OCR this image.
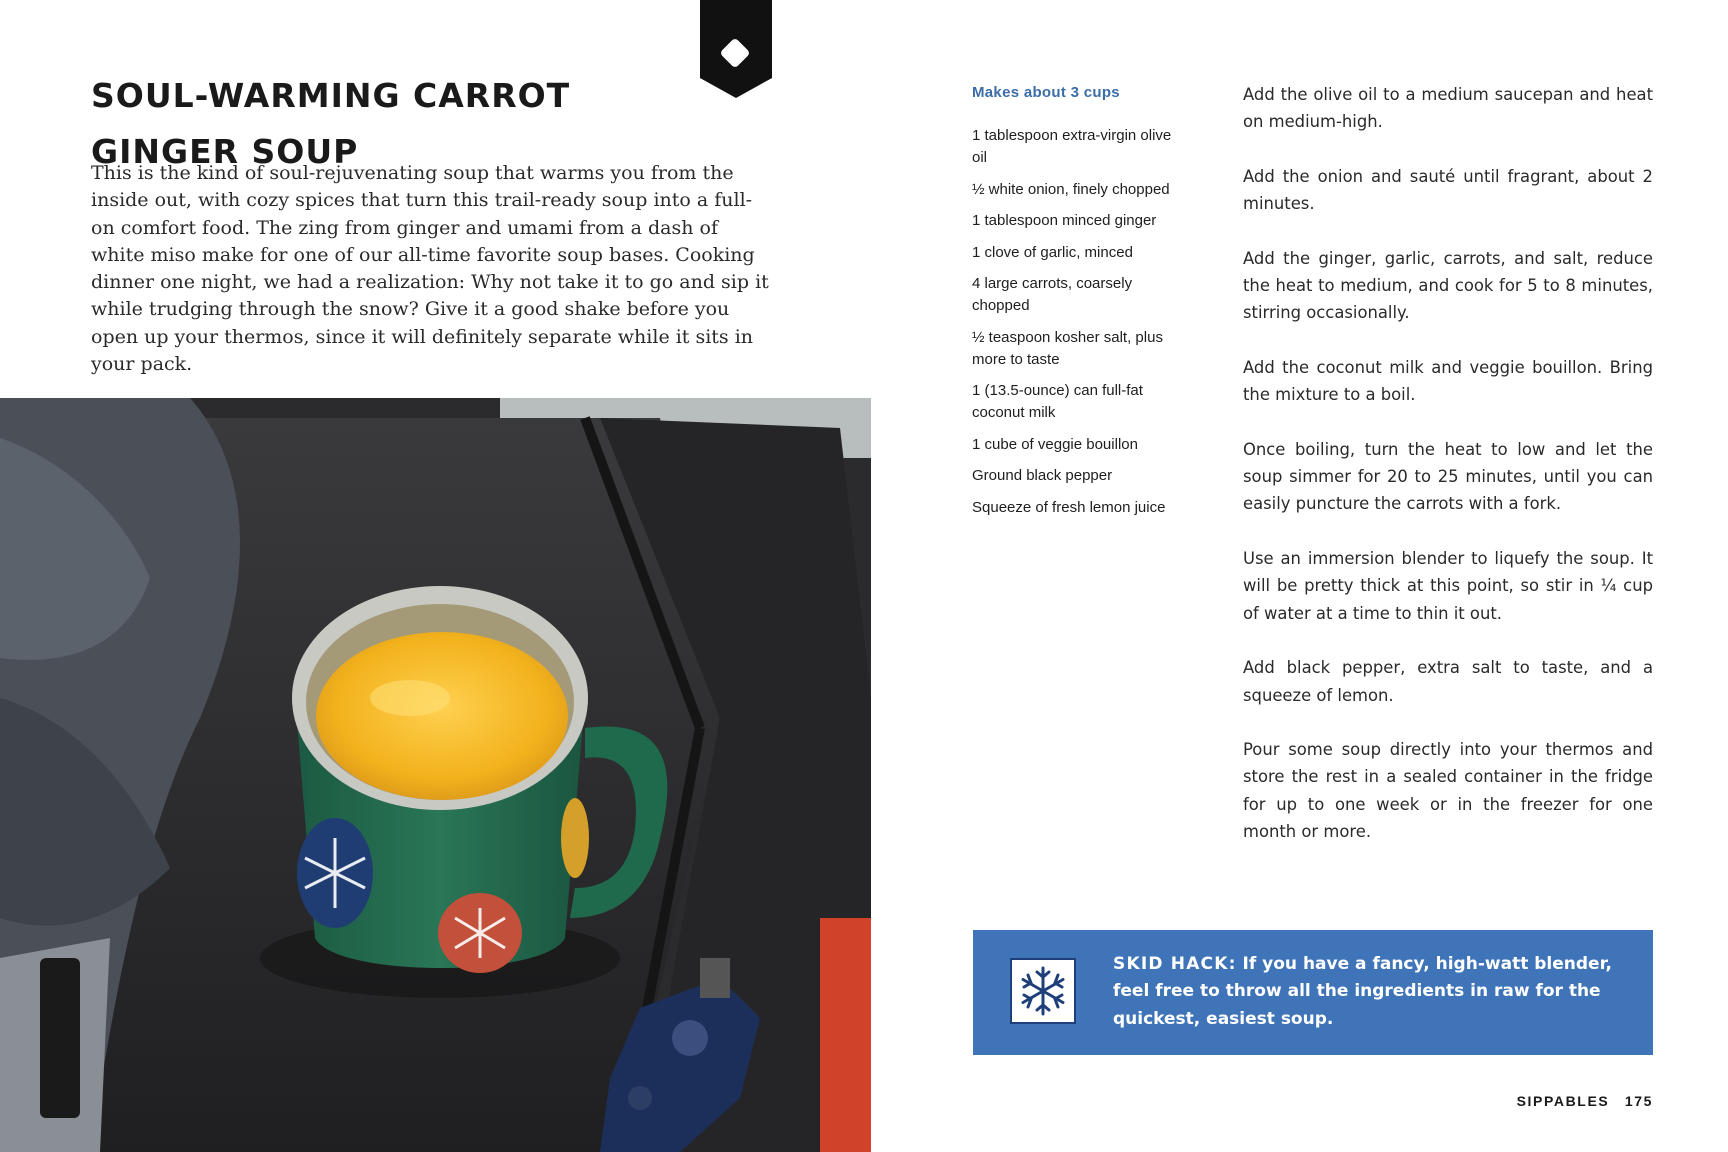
SOUL-WARMING CARROT
GINGER SOUP

This is the kind of soul-rejuvenating soup that warms you from the inside out, with cozy spices that turn this trail-ready soup into a full-on comfort food. The zing from ginger and umami from a dash of white miso make for one of our all-time favorite soup bases. Cooking dinner one night, we had a realization: Why not take it to go and sip it while trudging through the snow? Give it a good shake before you open up your thermos, since it will definitely separate while it sits in your pack.

Makes about 3 cups
1 tablespoon extra-virgin olive oil
½ white onion, finely chopped
1 tablespoon minced ginger
1 clove of garlic, minced
4 large carrots, coarsely chopped
½ teaspoon kosher salt, plus more to taste
1 (13.5-ounce) can full-fat coconut milk
1 cube of veggie bouillon
Ground black pepper
Squeeze of fresh lemon juice
Add the olive oil to a medium saucepan and heat on medium-high.
Add the onion and sauté until fragrant, about 2 minutes.
Add the ginger, garlic, carrots, and salt, reduce the heat to medium, and cook for 5 to 8 minutes, stirring occasionally.
Add the coconut milk and veggie bouillon. Bring the mixture to a boil.
Once boiling, turn the heat to low and let the soup simmer for 20 to 25 minutes, until you can easily puncture the carrots with a fork.
Use an immersion blender to liquefy the soup. It will be pretty thick at this point, so stir in ¼ cup of water at a time to thin it out.
Add black pepper, extra salt to taste, and a squeeze of lemon.
Pour some soup directly into your thermos and store the rest in a sealed container in the fridge for up to one week or in the freezer for one month or more.

SKID HACK: If you have a fancy, high-watt blender, feel free to throw all the ingredients in raw for the quickest, easiest soup.

SIPPABLES 175
